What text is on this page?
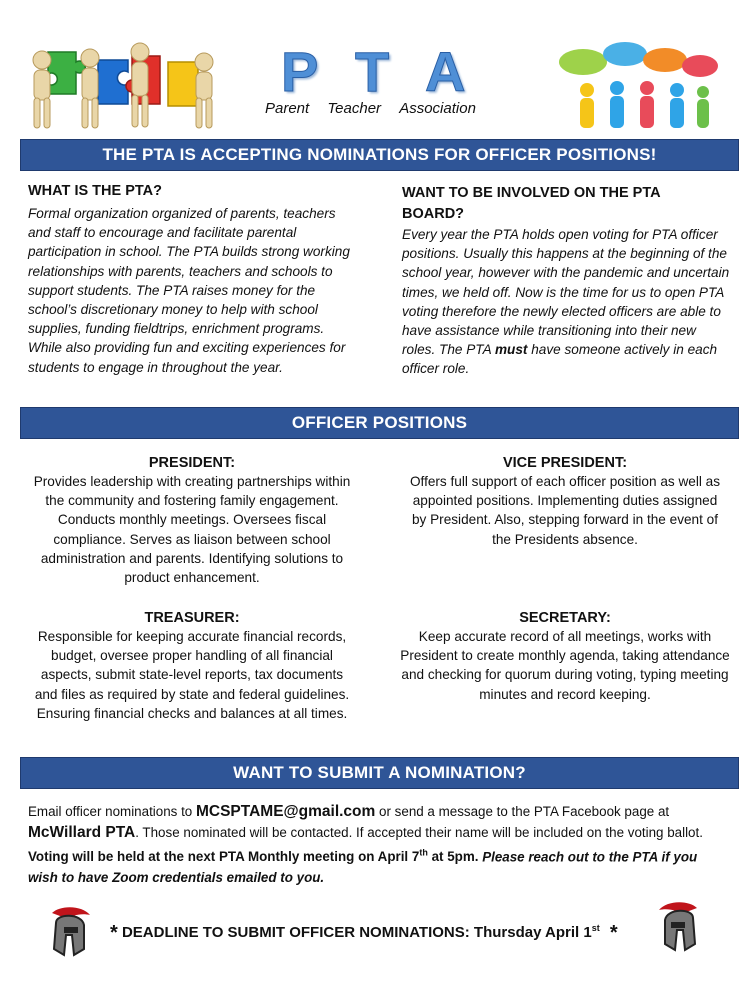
P T A
Parent Teacher Association
THE PTA IS ACCEPTING NOMINATIONS FOR OFFICER POSITIONS!
WHAT IS THE PTA?
Formal organization organized of parents, teachers and staff to encourage and facilitate parental participation in school. The PTA builds strong working relationships with parents, teachers and schools to support students. The PTA raises money for the school’s discretionary money to help with school supplies, funding fieldtrips, enrichment programs. While also providing fun and exciting experiences for students to engage in throughout the year.
WANT TO BE INVOLVED ON THE PTA BOARD?
Every year the PTA holds open voting for PTA officer positions. Usually this happens at the beginning of the school year, however with the pandemic and uncertain times, we held off. Now is the time for us to open PTA voting therefore the newly elected officers are able to have assistance while transitioning into their new roles. The PTA must have someone actively in each officer role.
OFFICER POSITIONS
PRESIDENT:
Provides leadership with creating partnerships within the community and fostering family engagement. Conducts monthly meetings. Oversees fiscal compliance. Serves as liaison between school administration and parents. Identifying solutions to product enhancement.
VICE PRESIDENT:
Offers full support of each officer position as well as appointed positions. Implementing duties assigned by President. Also, stepping forward in the event of the Presidents absence.
TREASURER:
Responsible for keeping accurate financial records, budget, oversee proper handling of all financial aspects, submit state-level reports, tax documents and files as required by state and federal guidelines. Ensuring financial checks and balances at all times.
SECRETARY:
Keep accurate record of all meetings, works with President to create monthly agenda, taking attendance and checking for quorum during voting, typing meeting minutes and record keeping.
WANT TO SUBMIT A NOMINATION?

Email officer nominations to MCSPTAME@gmail.com or send a message to the PTA Facebook page at McWillard PTA. Those nominated will be contacted. If accepted their name will be included on the voting ballot. Voting will be held at the next PTA Monthly meeting on April 7th at 5pm. Please reach out to the PTA if you wish to have Zoom credentials emailed to you.

* DEADLINE TO SUBMIT OFFICER NOMINATIONS: Thursday April 1st *
